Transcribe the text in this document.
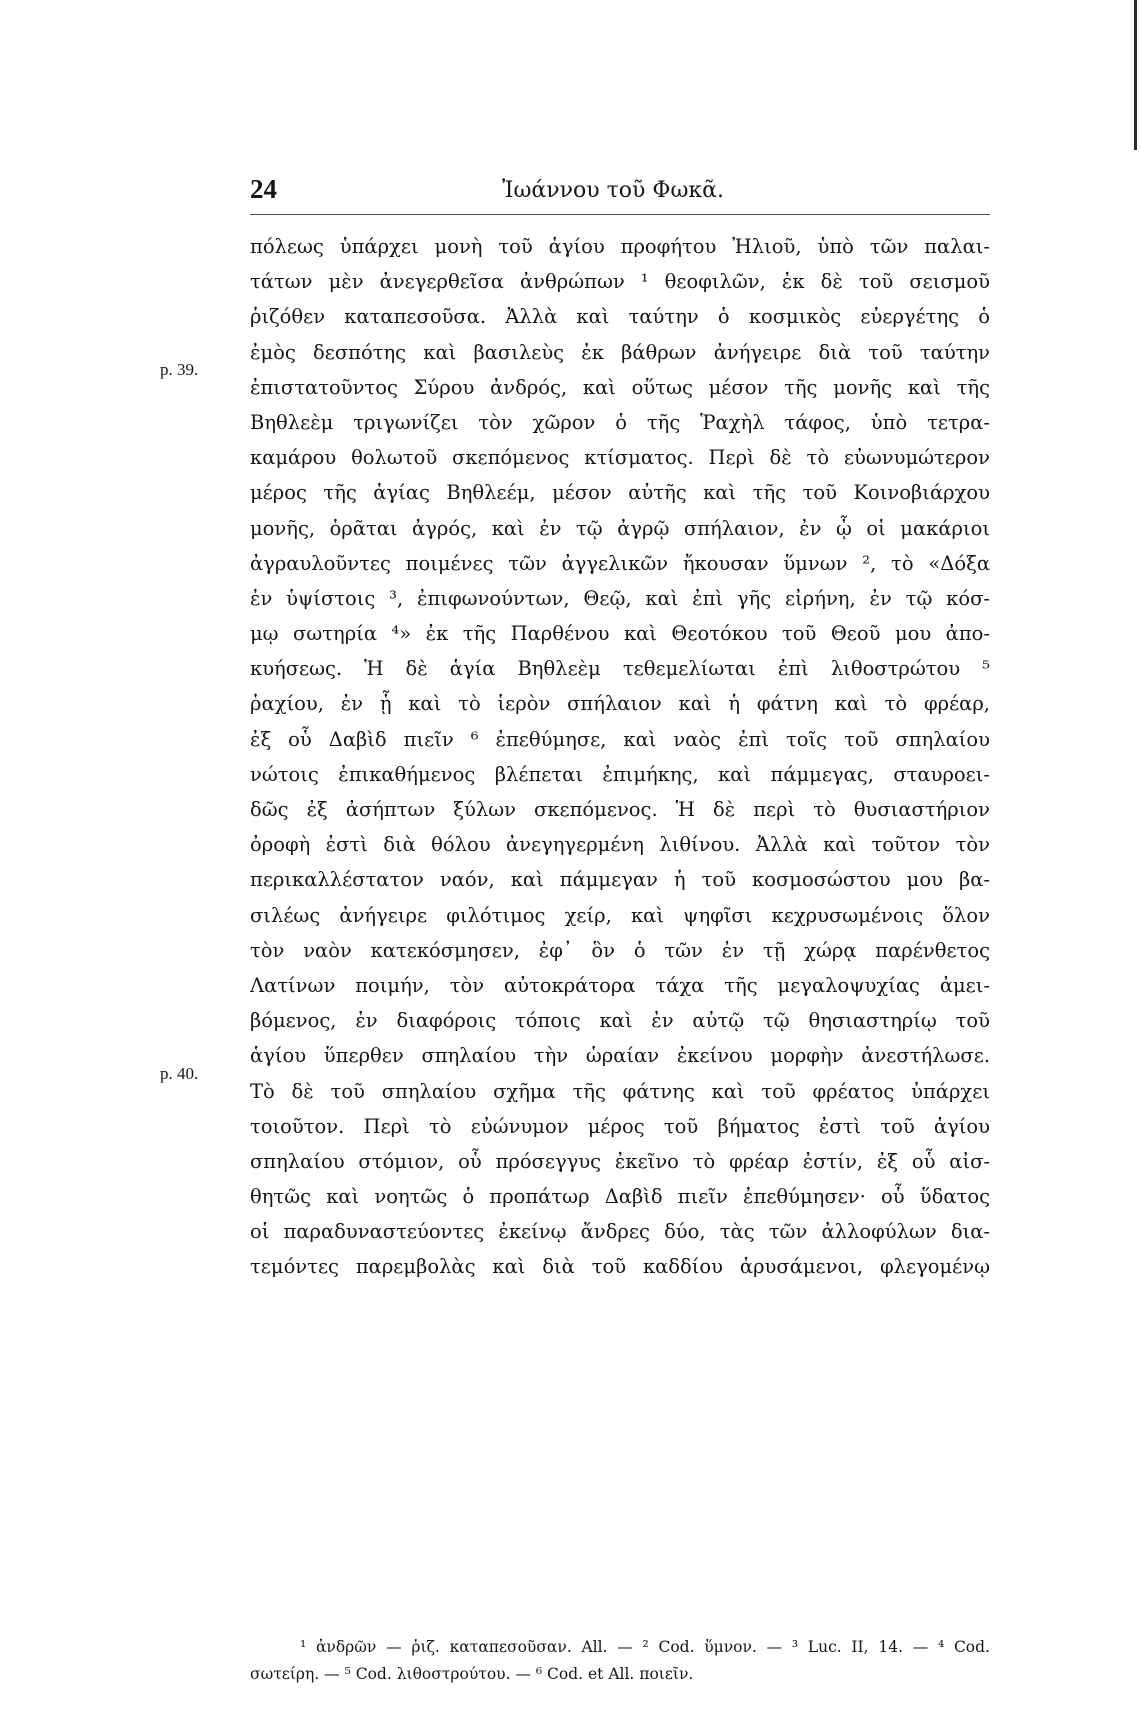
24	Ἰωάννου τοῦ Φωκᾶ.
p. 39.
p. 40.
πόλεως ὑπάρχει μονὴ τοῦ ἁγίου προφήτου Ἠλιοῦ, ὑπὸ τῶν παλαι-
τάτων μὲν ἀνεγερθεῖσα ἀνθρώπων ¹ θεοφιλῶν, ἐκ δὲ τοῦ σεισμοῦ
ῥιζόθεν καταπεσοῦσα. Ἀλλὰ καὶ ταύτην ὁ κοσμικὸς εὐεργέτης ὁ
ἐμὸς δεσπότης καὶ βασιλεὺς ἐκ βάθρων ἀνήγειρε διὰ τοῦ ταύτην
ἐπιστατοῦντος Σύρου ἀνδρός, καὶ οὕτως μέσον τῆς μονῆς καὶ τῆς
Βηθλεὲμ τριγωνίζει τὸν χῶρον ὁ τῆς Ῥαχὴλ τάφος, ὑπὸ τετρα-
καμάρου θολωτοῦ σκεπόμενος κτίσματος. Περὶ δὲ τὸ εὐωνυμώτερον
μέρος τῆς ἁγίας Βηθλεέμ, μέσον αὐτῆς καὶ τῆς τοῦ Κοινοβιάρχου
μονῆς, ὁρᾶται ἀγρός, καὶ ἐν τῷ ἀγρῷ σπήλαιον, ἐν ᾧ οἱ μακάριοι
ἀγραυλοῦντες ποιμένες τῶν ἀγγελικῶν ἤκουσαν ὕμνων ², τὸ «Δόξα
ἐν ὑψίστοις ³, ἐπιφωνούντων, Θεῷ, καὶ ἐπὶ γῆς εἰρήνη, ἐν τῷ κόσ-
μῳ σωτηρία ⁴» ἐκ τῆς Παρθένου καὶ Θεοτόκου τοῦ Θεοῦ μου ἀπο-
κυήσεως. Ἡ δὲ ἁγία Βηθλεὲμ τεθεμελίωται ἐπὶ λιθοστρώτου ⁵
ῥαχίου, ἐν ᾗ καὶ τὸ ἱερὸν σπήλαιον καὶ ἡ φάτνη καὶ τὸ φρέαρ,
ἐξ οὗ Δαβὶδ πιεῖν ⁶ ἐπεθύμησε, καὶ ναὸς ἐπὶ τοῖς τοῦ σπηλαίου
νώτοις ἐπικαθήμενος βλέπεται ἐπιμήκης, καὶ πάμμεγας, σταυροει-
δῶς ἐξ ἀσήπτων ξύλων σκεπόμενος. Ἡ δὲ περὶ τὸ θυσιαστήριον
ὀροφὴ ἐστὶ διὰ θόλου ἀνεγηγερμένη λιθίνου. Ἀλλὰ καὶ τοῦτον τὸν
περικαλλέστατον ναόν, καὶ πάμμεγαν ἡ τοῦ κοσμοσώστου μου βα-
σιλέως ἀνήγειρε φιλότιμος χείρ, καὶ ψηφῖσι κεχρυσωμένοις ὅλον
τὸν ναὸν κατεκόσμησεν, ἐφ᾽ ὃν ὁ τῶν ἐν τῇ χώρᾳ παρένθετος
Λατίνων ποιμήν, τὸν αὐτοκράτορα τάχα τῆς μεγαλοψυχίας ἀμει-
βόμενος, ἐν διαφόροις τόποις καὶ ἐν αὐτῷ τῷ θησιαστηρίῳ τοῦ
ἁγίου ὕπερθεν σπηλαίου τὴν ὡραίαν ἐκείνου μορφὴν ἀνεστήλωσε.
Τὸ δὲ τοῦ σπηλαίου σχῆμα τῆς φάτνης καὶ τοῦ φρέατος ὑπάρχει
τοιοῦτον. Περὶ τὸ εὐώνυμον μέρος τοῦ βήματος ἐστὶ τοῦ ἁγίου
σπηλαίου στόμιον, οὗ πρόσεγγυς ἐκεῖνο τὸ φρέαρ ἐστίν, ἐξ οὗ αἰσ-
θητῶς καὶ νοητῶς ὁ προπάτωρ Δαβὶδ πιεῖν ἐπεθύμησεν· οὗ ὕδατος
οἱ παραδυναστεύοντες ἐκείνῳ ἄνδρες δύο, τὰς τῶν ἀλλοφύλων δια-
τεμόντες παρεμβολὰς καὶ διὰ τοῦ καδδίου ἀρυσάμενοι, φλεγομένῳ
¹ ἀνδρῶν — ῥιζ. καταπεσοῦσαν. All. — ² Cod. ὕμνον. — ³ Luc. II, 14. — ⁴ Cod.
σωτείρη. — ⁵ Cod. λιθοστρούτου. — ⁶ Cod. et All. ποιεῖν.
